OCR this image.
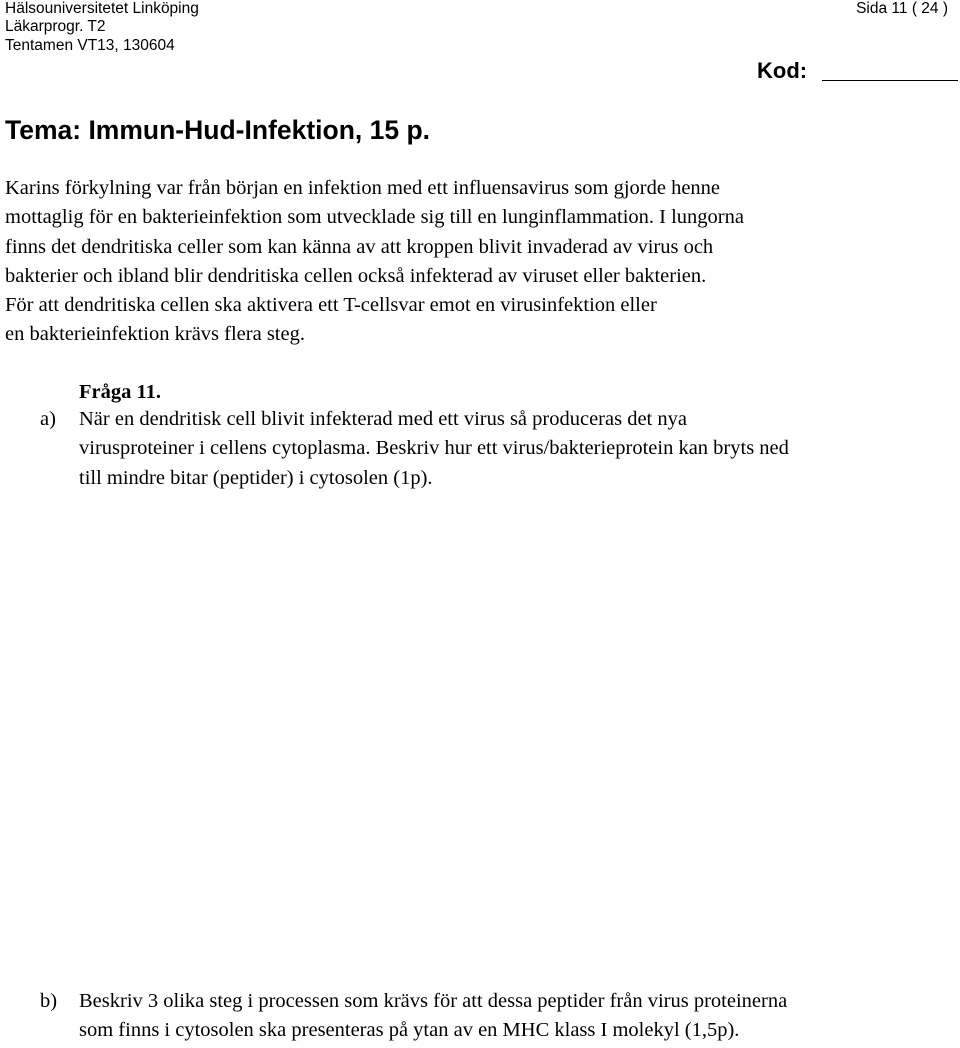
Hälsouniversitetet Linköping
Läkarprogr. T2
Tentamen VT13, 130604
Sida 11 ( 24 )
Kod:
Tema: Immun-Hud-Infektion, 15 p.

Karins förkylning var från början en infektion med ett influensavirus som gjorde henne

mottaglig för en bakterieinfektion som utvecklade sig till en lunginflammation. I lungorna

finns det dendritiska celler som kan känna av att kroppen blivit invaderad av virus och

bakterier och ibland blir dendritiska cellen också infekterad av viruset eller bakterien.

För att dendritiska cellen ska aktivera ett T-cellsvar emot en virusinfektion eller

en bakterieinfektion krävs flera steg.

Fråga 11.
a) När en dendritisk cell blivit infekterad med ett virus så produceras det nya

virusproteiner i cellens cytoplasma. Beskriv hur ett virus/bakterieprotein kan bryts ned

till mindre bitar (peptider) i cytosolen (1p).

b) Beskriv 3 olika steg i processen som krävs för att dessa peptider från virus proteinerna

som finns i cytosolen ska presenteras på ytan av en MHC klass I molekyl (1,5p).
